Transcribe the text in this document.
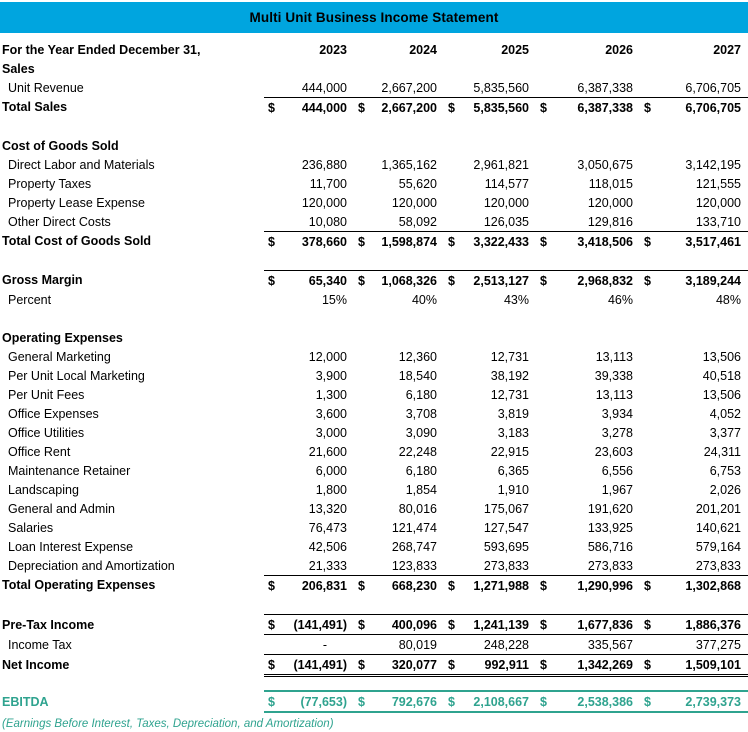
Multi Unit Business Income Statement
For the Year Ended December 31,	2023	2024	2025	2026	2027
Sales					
Unit Revenue	444,000	2,667,200	5,835,560	6,387,338	6,706,705
Total Sales	$ 444,000	$ 2,667,200	$ 5,835,560	$ 6,387,338	$ 6,706,705

Cost of Goods Sold					
Direct Labor and Materials	236,880	1,365,162	2,961,821	3,050,675	3,142,195
Property Taxes	11,700	55,620	114,577	118,015	121,555
Property Lease Expense	120,000	120,000	120,000	120,000	120,000
Other Direct Costs	10,080	58,092	126,035	129,816	133,710
Total Cost of Goods Sold	$ 378,660	$ 1,598,874	$ 3,322,433	$ 3,418,506	$ 3,517,461

Gross Margin	$ 65,340	$ 1,068,326	$ 2,513,127	$ 2,968,832	$ 3,189,244
Percent	15%	40%	43%	46%	48%

Operating Expenses					
General Marketing	12,000	12,360	12,731	13,113	13,506
Per Unit Local Marketing	3,900	18,540	38,192	39,338	40,518
Per Unit Fees	1,300	6,180	12,731	13,113	13,506
Office Expenses	3,600	3,708	3,819	3,934	4,052
Office Utilities	3,000	3,090	3,183	3,278	3,377
Office Rent	21,600	22,248	22,915	23,603	24,311
Maintenance Retainer	6,000	6,180	6,365	6,556	6,753
Landscaping	1,800	1,854	1,910	1,967	2,026
General and Admin	13,320	80,016	175,067	191,620	201,201
Salaries	76,473	121,474	127,547	133,925	140,621
Loan Interest Expense	42,506	268,747	593,695	586,716	579,164
Depreciation and Amortization	21,333	123,833	273,833	273,833	273,833
Total Operating Expenses	$ 206,831	$ 668,230	$ 1,271,988	$ 1,290,996	$ 1,302,868

Pre-Tax Income	$ (141,491)	$ 400,096	$ 1,241,139	$ 1,677,836	$ 1,886,376
Income Tax	-	80,019	248,228	335,567	377,275
Net Income	$ (141,491)	$ 320,077	$ 992,911	$ 1,342,269	$ 1,509,101

EBITDA	$ (77,653)	$ 792,676	$ 2,108,667	$ 2,538,386	$ 2,739,373
(Earnings Before Interest, Taxes, Depreciation, and Amortization)
